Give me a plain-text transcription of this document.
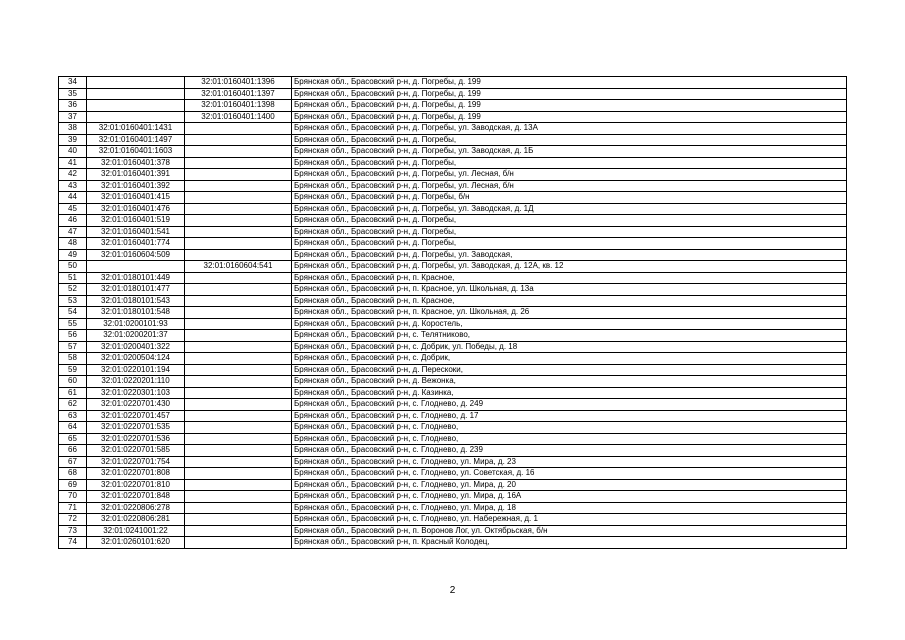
34		32:01:0160401:1396	Брянская обл., Брасовский р-н, д. Погребы, д. 199
35		32:01:0160401:1397	Брянская обл., Брасовский р-н, д. Погребы, д. 199
36		32:01:0160401:1398	Брянская обл., Брасовский р-н, д. Погребы, д. 199
37		32:01:0160401:1400	Брянская обл., Брасовский р-н, д. Погребы, д. 199
38	32:01:0160401:1431		Брянская обл., Брасовский р-н, д. Погребы, ул. Заводская, д. 13А
39	32:01:0160401:1497		Брянская обл., Брасовский р-н, д. Погребы,
40	32:01:0160401:1603		Брянская обл., Брасовский р-н, д. Погребы, ул. Заводская, д. 1Б
41	32:01:0160401:378		Брянская обл., Брасовский р-н, д. Погребы,
42	32:01:0160401:391		Брянская обл., Брасовский р-н, д. Погребы, ул. Лесная, б/н
43	32:01:0160401:392		Брянская обл., Брасовский р-н, д. Погребы, ул. Лесная, б/н
44	32:01:0160401:415		Брянская обл., Брасовский р-н, д. Погребы, б/н
45	32:01:0160401:476		Брянская обл., Брасовский р-н, д. Погребы, ул. Заводская, д. 1Д
46	32:01:0160401:519		Брянская обл., Брасовский р-н, д. Погребы,
47	32:01:0160401:541		Брянская обл., Брасовский р-н, д. Погребы,
48	32:01:0160401:774		Брянская обл., Брасовский р-н, д. Погребы,
49	32:01:0160604:509		Брянская обл., Брасовский р-н, д. Погребы, ул. Заводская,
50		32:01:0160604:541	Брянская обл., Брасовский р-н, д. Погребы, ул. Заводская, д. 12А, кв. 12
51	32:01:0180101:449		Брянская обл., Брасовский р-н, п. Красное,
52	32:01:0180101:477		Брянская обл., Брасовский р-н, п. Красное, ул. Школьная, д. 13а
53	32:01:0180101:543		Брянская обл., Брасовский р-н, п. Красное,
54	32:01:0180101:548		Брянская обл., Брасовский р-н, п. Красное, ул. Школьная, д. 26
55	32:01:0200101:93		Брянская обл., Брасовский р-н, д. Коростель,
56	32:01:0200201:37		Брянская обл., Брасовский р-н, с. Телятниково,
57	32:01:0200401:322		Брянская обл., Брасовский р-н, с. Добрик, ул. Победы, д. 18
58	32:01:0200504:124		Брянская обл., Брасовский р-н, с. Добрик,
59	32:01:0220101:194		Брянская обл., Брасовский р-н, д. Перескоки,
60	32:01:0220201:110		Брянская обл., Брасовский р-н, д. Вежонка,
61	32:01:0220301:103		Брянская обл., Брасовский р-н, д. Казинка,
62	32:01:0220701:430		Брянская обл., Брасовский р-н, с. Глодневo, д. 249
63	32:01:0220701:457		Брянская обл., Брасовский р-н, с. Глоднево, д. 17
64	32:01:0220701:535		Брянская обл., Брасовский р-н, с. Глоднево,
65	32:01:0220701:536		Брянская обл., Брасовский р-н, с. Глоднево,
66	32:01:0220701:585		Брянская обл., Брасовский р-н, с. Глоднево, д. 239
67	32:01:0220701:754		Брянская обл., Брасовский р-н, с. Глоднево, ул. Мира, д. 23
68	32:01:0220701:808		Брянская обл., Брасовский р-н, с. Глоднево, ул. Советская, д. 16
69	32:01:0220701:810		Брянская обл., Брасовский р-н, с. Глоднево, ул. Мира, д. 20
70	32:01:0220701:848		Брянская обл., Брасовский р-н, с. Глоднево, ул. Мира, д. 16А
71	32:01:0220806:278		Брянская обл., Брасовский р-н, с. Глоднево, ул. Мира, д. 18
72	32:01:0220806:281		Брянская обл., Брасовский р-н, с. Глоднево, ул. Набережная, д. 1
73	32:01:0241001:22		Брянская обл., Брасовский р-н, п. Воронов Лог, ул. Октябрьская, б/н
74	32:01:0260101:620		Брянская обл., Брасовский р-н, п. Красный Колодец,
2
